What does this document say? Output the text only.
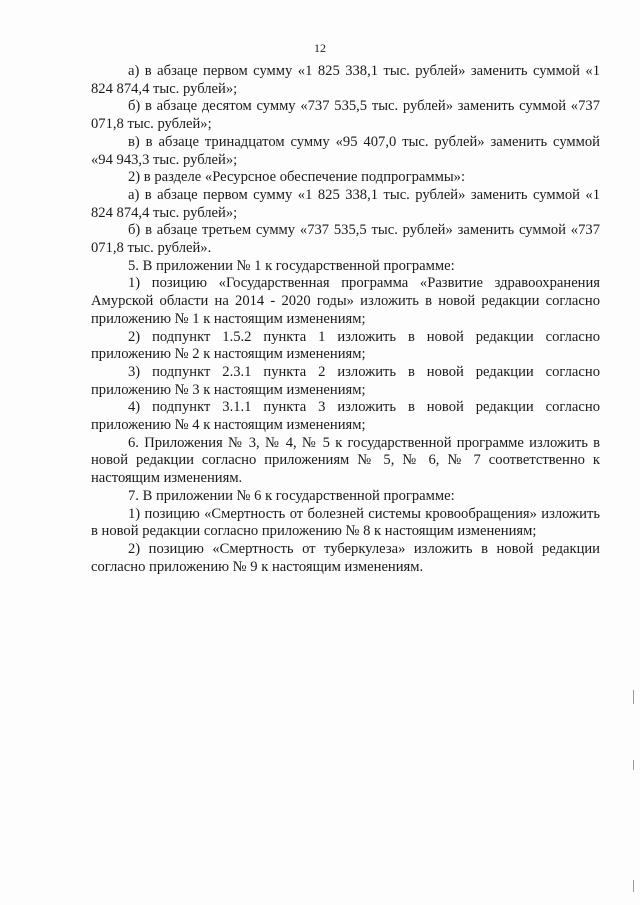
12

а) в абзаце первом сумму «1 825 338,1 тыс. рублей» заменить суммой «1 824 874,4 тыс. рублей»;

б) в абзаце десятом сумму «737 535,5 тыс. рублей» заменить суммой «737 071,8 тыс. рублей»;

в) в абзаце тринадцатом сумму «95 407,0 тыс. рублей» заменить суммой «94 943,3 тыс. рублей»;

2) в разделе «Ресурсное обеспечение подпрограммы»:

а) в абзаце первом сумму «1 825 338,1 тыс. рублей» заменить суммой «1 824 874,4 тыс. рублей»;

б) в абзаце третьем сумму «737 535,5 тыс. рублей» заменить суммой «737 071,8 тыс. рублей».

5. В приложении № 1 к государственной программе:

1) позицию «Государственная программа «Развитие здравоохранения Амурской области на 2014 - 2020 годы» изложить в новой редакции согласно приложению № 1 к настоящим изменениям;

2) подпункт 1.5.2 пункта 1 изложить в новой редакции согласно приложению № 2 к настоящим изменениям;

3) подпункт 2.3.1 пункта 2 изложить в новой редакции согласно приложению № 3 к настоящим изменениям;

4) подпункт 3.1.1 пункта 3 изложить в новой редакции согласно приложению № 4 к настоящим изменениям;

6. Приложения № 3, № 4, № 5 к государственной программе изложить в новой редакции согласно приложениям № 5, № 6, № 7 соответственно к настоящим изменениям.

7. В приложении № 6 к государственной программе:

1) позицию «Смертность от болезней системы кровообращения» изложить в новой редакции согласно приложению № 8 к настоящим изменениям;

2) позицию «Смертность от туберкулеза» изложить в новой редакции согласно приложению № 9 к настоящим изменениям.
